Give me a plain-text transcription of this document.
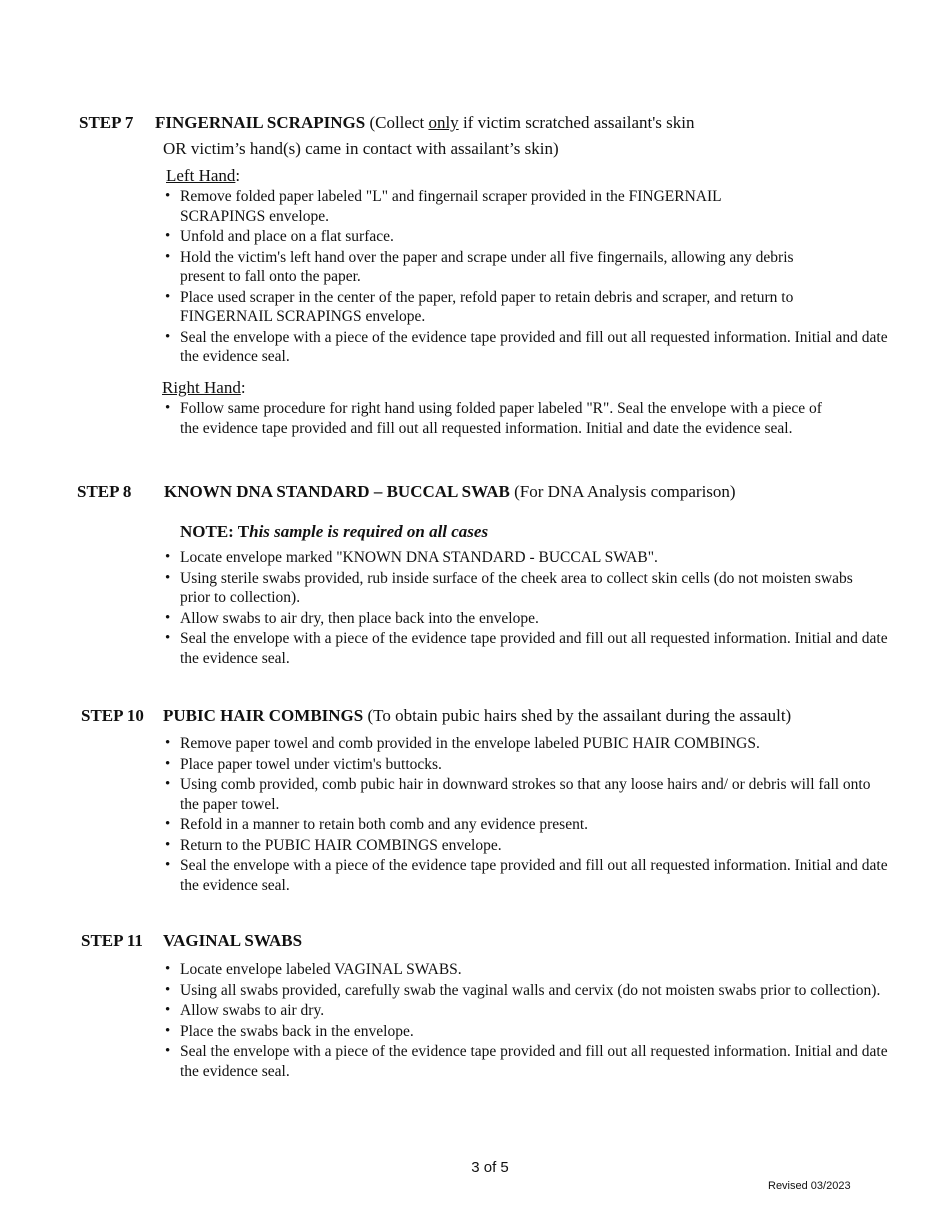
STEP 7 FINGERNAIL SCRAPINGS (Collect only if victim scratched assailant's skin
OR victim’s hand(s) came in contact with assailant’s skin)
Left Hand:
• Remove folded paper labeled "L" and fingernail scraper provided in the FINGERNAIL SCRAPINGS envelope.
• Unfold and place on a flat surface.
• Hold the victim's left hand over the paper and scrape under all five fingernails, allowing any debris present to fall onto the paper.
• Place used scraper in the center of the paper, refold paper to retain debris and scraper, and return to FINGERNAIL SCRAPINGS envelope.
• Seal the envelope with a piece of the evidence tape provided and fill out all requested information. Initial and date the evidence seal.
Right Hand:
• Follow same procedure for right hand using folded paper labeled "R". Seal the envelope with a piece of the evidence tape provided and fill out all requested information. Initial and date the evidence seal.
STEP 8 KNOWN DNA STANDARD – BUCCAL SWAB (For DNA Analysis comparison)
NOTE: This sample is required on all cases
• Locate envelope marked "KNOWN DNA STANDARD - BUCCAL SWAB".
• Using sterile swabs provided, rub inside surface of the cheek area to collect skin cells (do not moisten swabs prior to collection).
• Allow swabs to air dry, then place back into the envelope.
• Seal the envelope with a piece of the evidence tape provided and fill out all requested information. Initial and date the evidence seal.
STEP 10 PUBIC HAIR COMBINGS (To obtain pubic hairs shed by the assailant during the assault)
• Remove paper towel and comb provided in the envelope labeled PUBIC HAIR COMBINGS.
• Place paper towel under victim's buttocks.
• Using comb provided, comb pubic hair in downward strokes so that any loose hairs and/ or debris will fall onto the paper towel.
• Refold in a manner to retain both comb and any evidence present.
• Return to the PUBIC HAIR COMBINGS envelope.
• Seal the envelope with a piece of the evidence tape provided and fill out all requested information. Initial and date the evidence seal.
STEP 11 VAGINAL SWABS
• Locate envelope labeled VAGINAL SWABS.
• Using all swabs provided, carefully swab the vaginal walls and cervix (do not moisten swabs prior to collection).
• Allow swabs to air dry.
• Place the swabs back in the envelope.
• Seal the envelope with a piece of the evidence tape provided and fill out all requested information. Initial and date the evidence seal.
3 of 5
Revised 03/2023
